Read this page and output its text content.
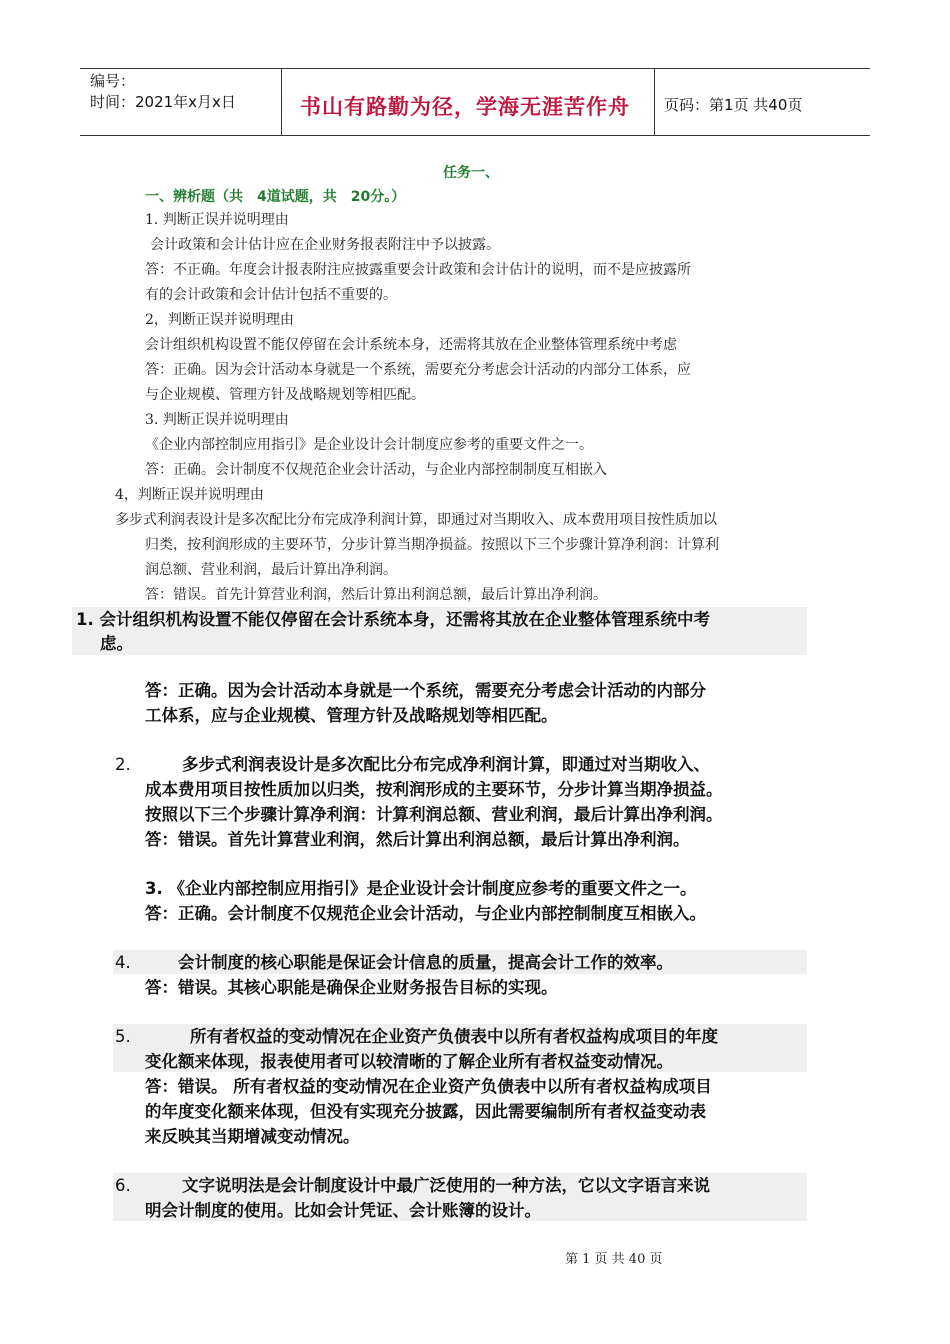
编号：
时间：2021年x月x日	书山有路勤为径，学海无涯苦作舟 页码：第1页 共40页
任务一、
一、辨析题（共　4道试题，共　20分。）
1. 判断正误并说明理由
会计政策和会计估计应在企业财务报表附注中予以披露。
答：不正确。年度会计报表附注应披露重要会计政策和会计估计的说明，而不是应披露所
有的会计政策和会计估计包括不重要的。
2，判断正误并说明理由
会计组织机构设置不能仅停留在会计系统本身，还需将其放在企业整体管理系统中考虑
答：正确。因为会计活动本身就是一个系统，需要充分考虑会计活动的内部分工体系，应
与企业规模、管理方针及战略规划等相匹配。
3. 判断正误并说明理由
《企业内部控制应用指引》是企业设计会计制度应参考的重要文件之一。
答：正确。会计制度不仅规范企业会计活动，与企业内部控制制度互相嵌入
4，判断正误并说明理由
多步式利润表设计是多次配比分布完成净利润计算，即通过对当期收入、成本费用项目按性质加以
归类，按利润形成的主要环节，分步计算当期净损益。按照以下三个步骤计算净利润：计算利
润总额、营业利润，最后计算出净利润。
答：错误。首先计算营业利润，然后计算出利润总额，最后计算出净利润。
1. 会计组织机构设置不能仅停留在会计系统本身，还需将其放在企业整体管理系统中考
虑。
答：正确。因为会计活动本身就是一个系统，需要充分考虑会计活动的内部分
工体系，应与企业规模、管理方针及战略规划等相匹配。
2.	多步式利润表设计是多次配比分布完成净利润计算，即通过对当期收入、
成本费用项目按性质加以归类，按利润形成的主要环节，分步计算当期净损益。
按照以下三个步骤计算净利润：计算利润总额、营业利润，最后计算出净利润。
答：错误。首先计算营业利润，然后计算出利润总额，最后计算出净利润。
3. 《企业内部控制应用指引》是企业设计会计制度应参考的重要文件之一。
答：正确。会计制度不仅规范企业会计活动，与企业内部控制制度互相嵌入。
4.	会计制度的核心职能是保证会计信息的质量，提高会计工作的效率。
答：错误。其核心职能是确保企业财务报告目标的实现。
5.	所有者权益的变动情况在企业资产负债表中以所有者权益构成项目的年度
变化额来体现，报表使用者可以较清晰的了解企业所有者权益变动情况。
答：错误。 所有者权益的变动情况在企业资产负债表中以所有者权益构成项目
的年度变化额来体现，但没有实现充分披露，因此需要编制所有者权益变动表
来反映其当期增减变动情况。
6.	文字说明法是会计制度设计中最广泛使用的一种方法，它以文字语言来说
明会计制度的使用。比如会计凭证、会计账簿的设计。
第 1 页 共 40 页
